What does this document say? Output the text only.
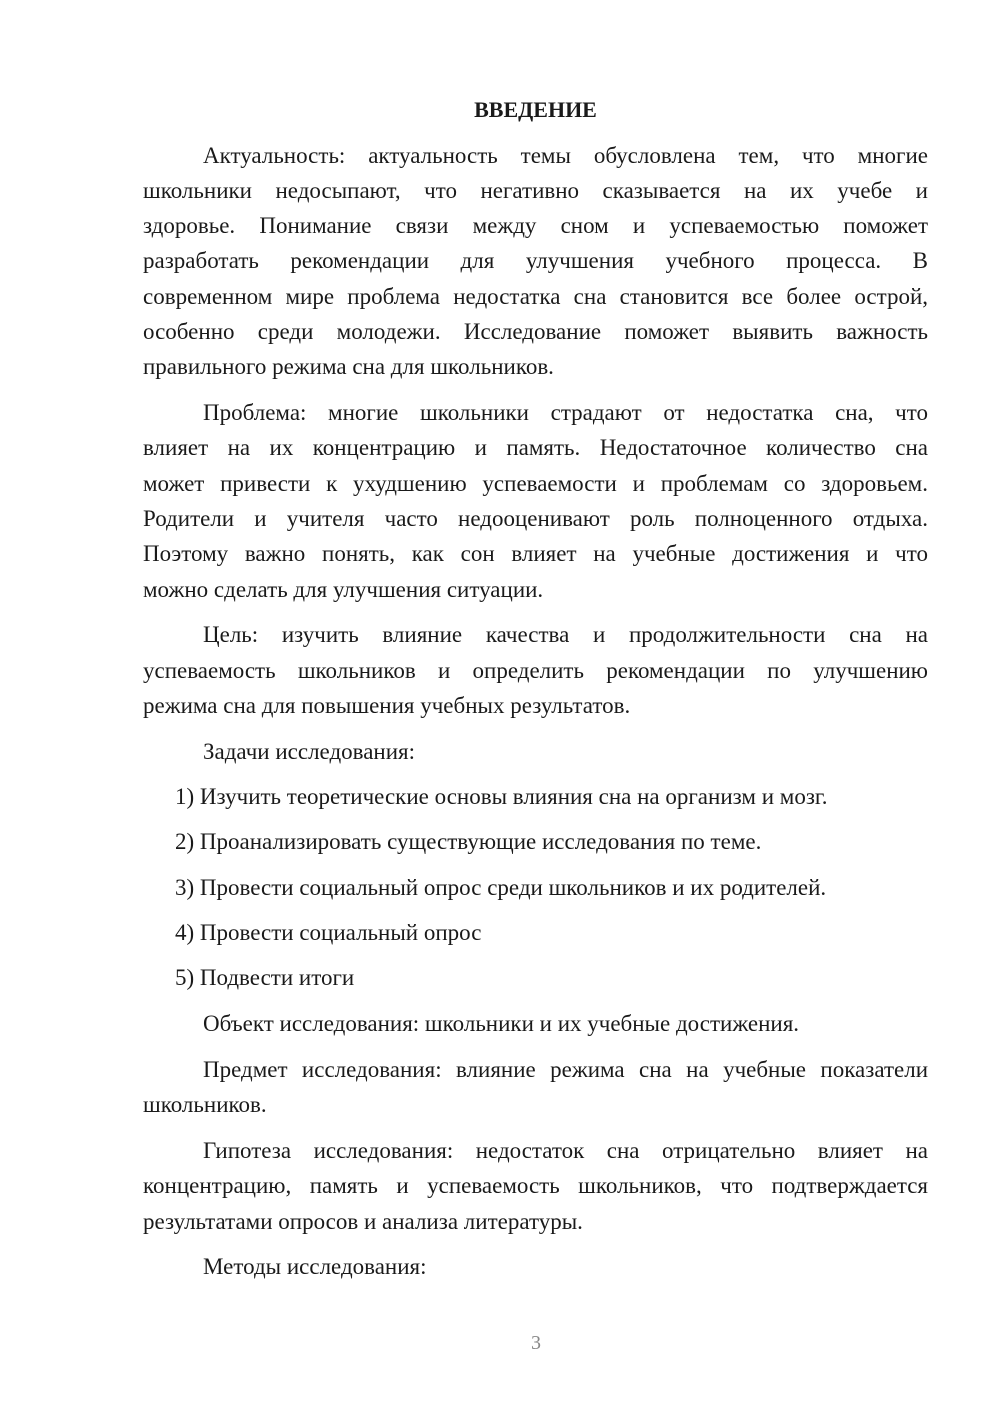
ВВЕДЕНИЕ
Актуальность: актуальность темы обусловлена тем, что многие
школьники недосыпают, что негативно сказывается на их учебе и
здоровье. Понимание связи между сном и успеваемостью поможет
разработать рекомендации для улучшения учебного процесса. В
современном мире проблема недостатка сна становится все более острой,
особенно среди молодежи. Исследование поможет выявить важность
правильного режима сна для школьников.
Проблема: многие школьники страдают от недостатка сна, что
влияет на их концентрацию и память. Недостаточное количество сна
может привести к ухудшению успеваемости и проблемам со здоровьем.
Родители и учителя часто недооценивают роль полноценного отдыха.
Поэтому важно понять, как сон влияет на учебные достижения и что
можно сделать для улучшения ситуации.
Цель: изучить влияние качества и продолжительности сна на
успеваемость школьников и определить рекомендации по улучшению
режима сна для повышения учебных результатов.
Задачи исследования:
1) Изучить теоретические основы влияния сна на организм и мозг.
2) Проанализировать существующие исследования по теме.
3) Провести социальный опрос среди школьников и их родителей.
4) Провести социальный опрос
5) Подвести итоги
Объект исследования: школьники и их учебные достижения.
Предмет исследования: влияние режима сна на учебные показатели
школьников.
Гипотеза исследования: недостаток сна отрицательно влияет на
концентрацию, память и успеваемость школьников, что подтверждается
результатами опросов и анализа литературы.
Методы исследования:
3
